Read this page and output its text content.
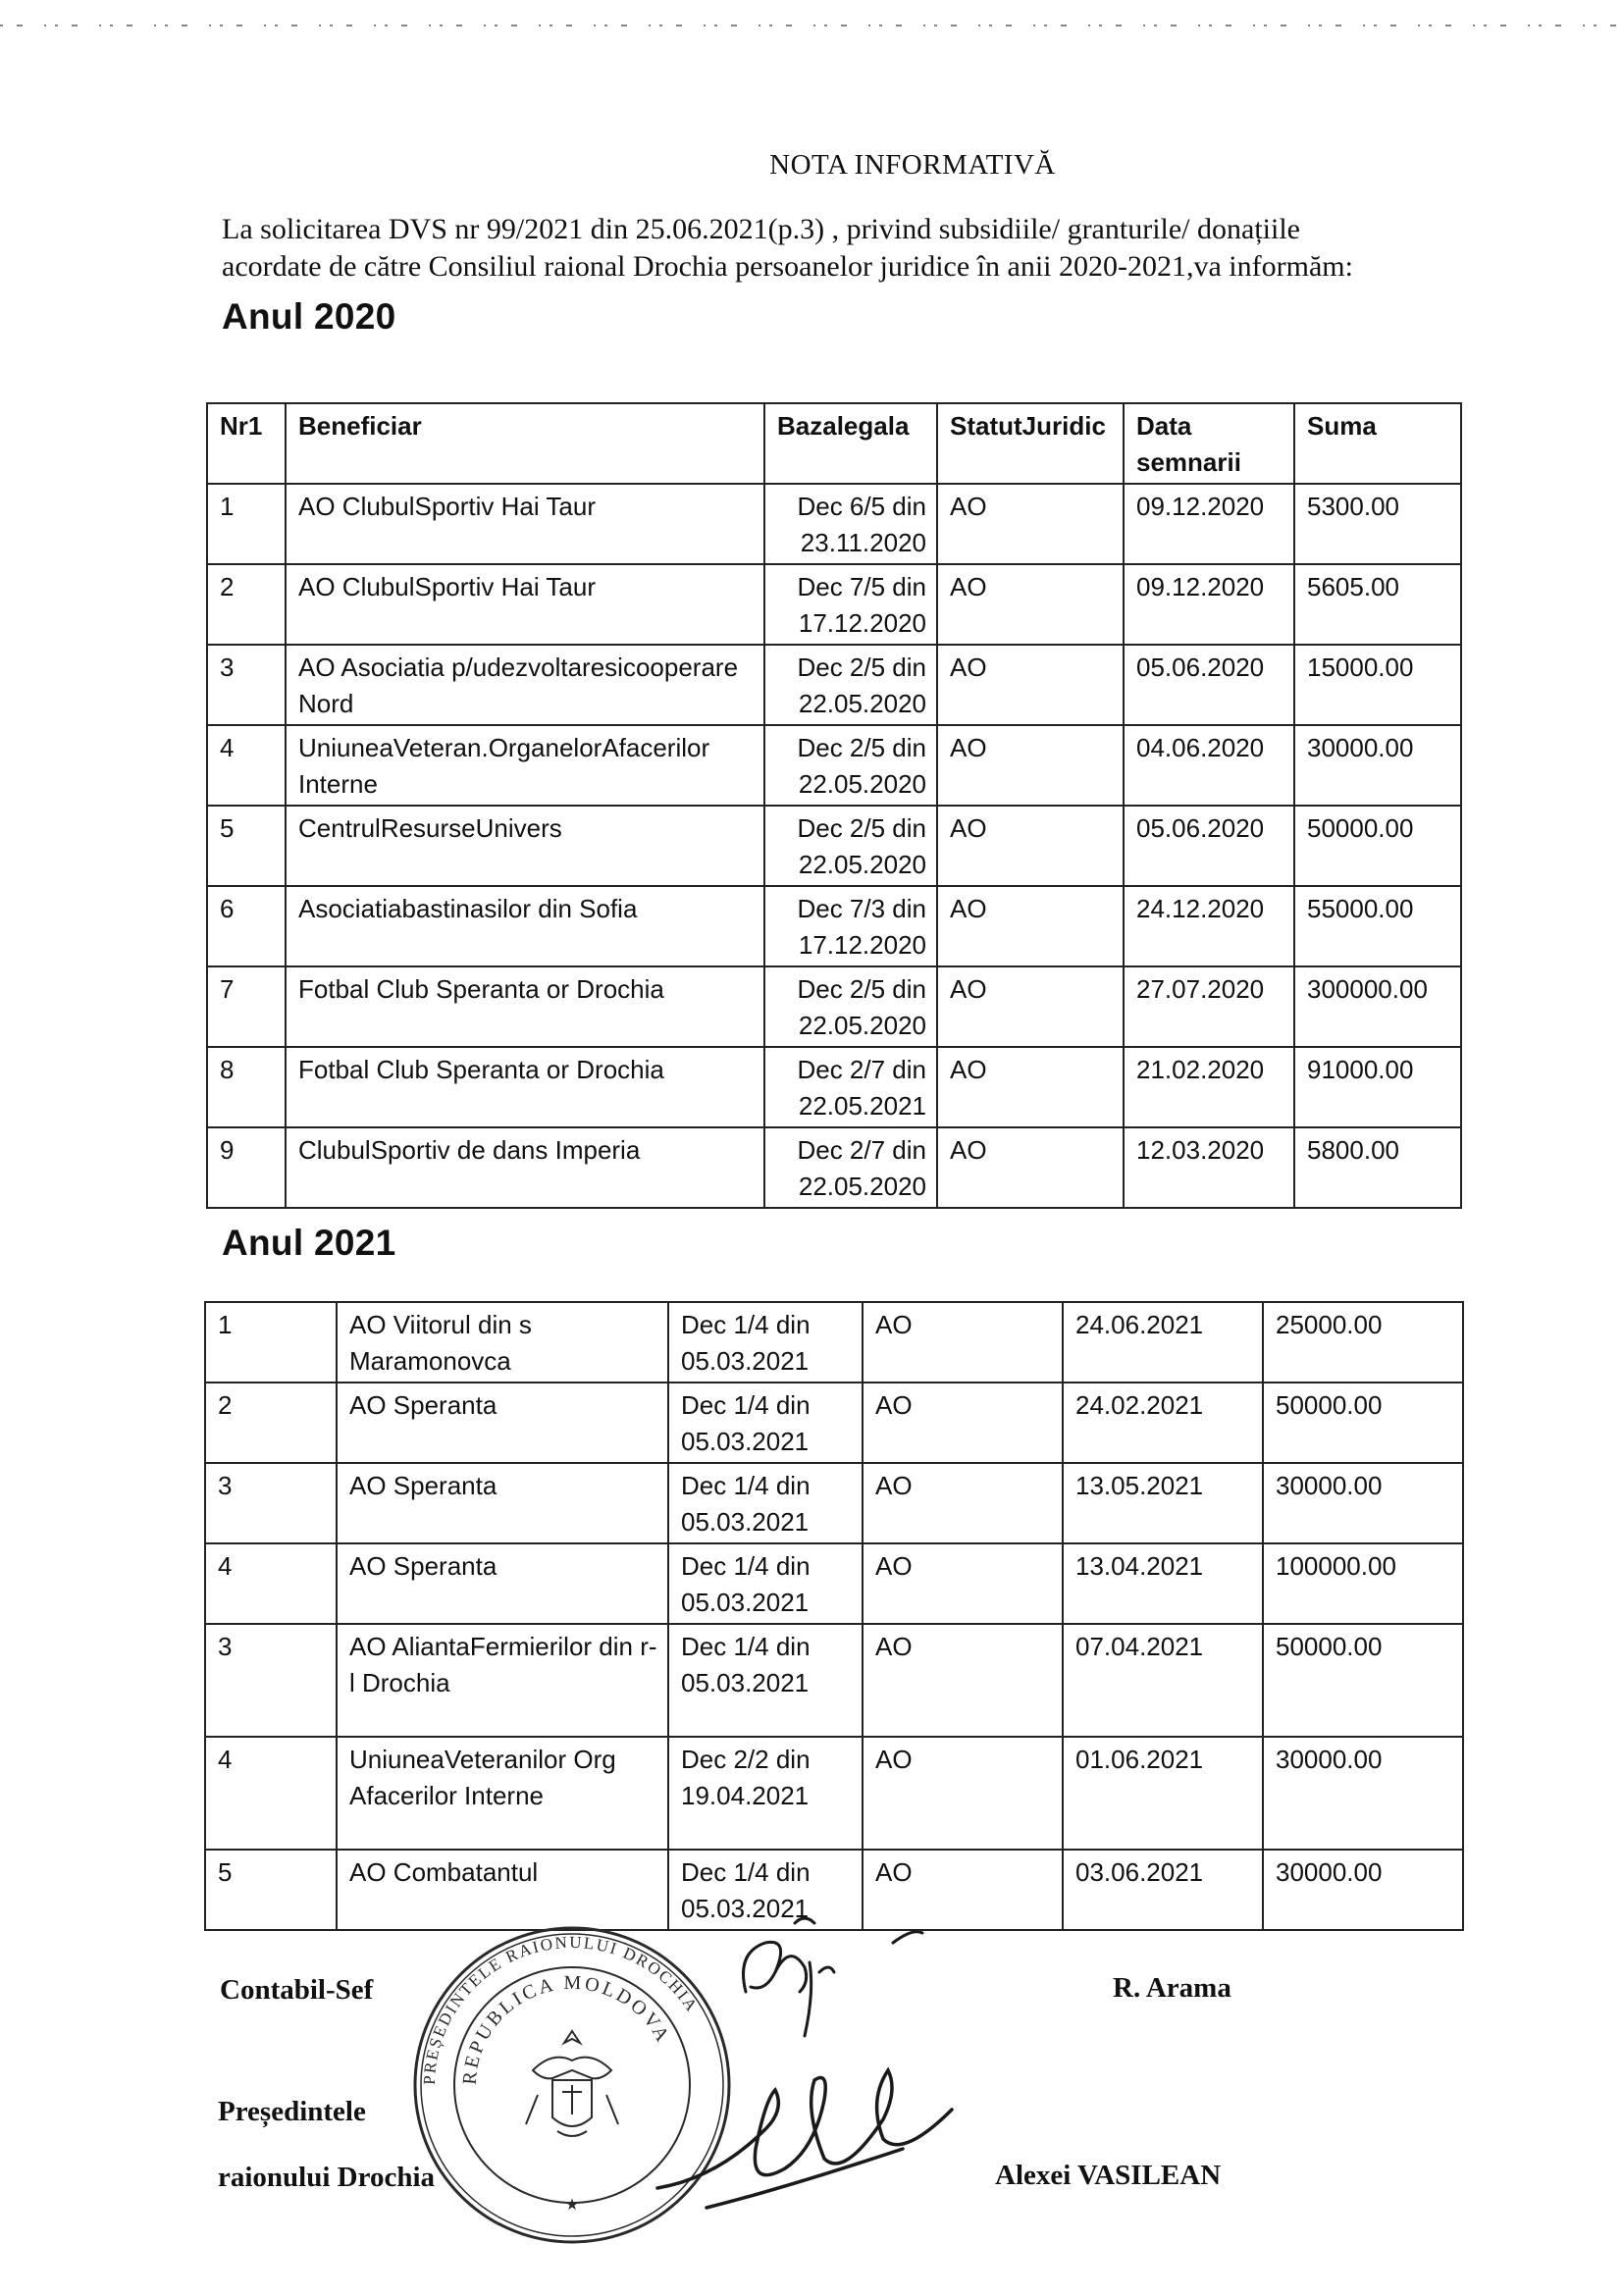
NOTA INFORMATIVĂ
La solicitarea DVS nr 99/2021 din 25.06.2021(p.3) , privind subsidiile/ granturile/ donațiile
acordate de către Consiliul raional Drochia persoanelor juridice în anii 2020-2021,va informăm:
Anul 2020
Nr1	Beneficiar	Bazalegala	StatutJuridic	Data semnarii	Suma
1	AO ClubulSportiv Hai Taur	Dec 6/5 din 23.11.2020	AO	09.12.2020	5300.00
2	AO ClubulSportiv Hai Taur	Dec 7/5 din 17.12.2020	AO	09.12.2020	5605.00
3	AO Asociatia p/udezvoltaresicooperare Nord	Dec 2/5 din 22.05.2020	AO	05.06.2020	15000.00
4	UniuneaVeteran.OrganelorAfacerilor Interne	Dec 2/5 din 22.05.2020	AO	04.06.2020	30000.00
5	CentrulResurseUnivers	Dec 2/5 din 22.05.2020	AO	05.06.2020	50000.00
6	Asociatiabastinasilor din Sofia	Dec 7/3 din 17.12.2020	AO	24.12.2020	55000.00
7	Fotbal Club Speranta or Drochia	Dec 2/5 din 22.05.2020	AO	27.07.2020	300000.00
8	Fotbal Club Speranta or Drochia	Dec 2/7 din 22.05.2021	AO	21.02.2020	91000.00
9	ClubulSportiv de dans Imperia	Dec 2/7 din 22.05.2020	AO	12.03.2020	5800.00
Anul 2021
1	AO Viitorul din s Maramonovca	Dec 1/4 din 05.03.2021	AO	24.06.2021	25000.00
2	AO Speranta	Dec 1/4 din 05.03.2021	AO	24.02.2021	50000.00
3	AO Speranta	Dec 1/4 din 05.03.2021	AO	13.05.2021	30000.00
4	AO Speranta	Dec 1/4 din 05.03.2021	AO	13.04.2021	100000.00
3	AO AliantaFermierilor din r-l Drochia	Dec 1/4 din 05.03.2021	AO	07.04.2021	50000.00
4	UniuneaVeteranilor Org Afacerilor Interne	Dec 2/2 din 19.04.2021	AO	01.06.2021	30000.00
5	AO Combatantul	Dec 1/4 din 05.03.2021	AO	03.06.2021	30000.00
PREȘEDINTELE RAIONULUI DROCHIA
REPUBLICA MOLDOVA
★
Contabil-Sef	R. Arama
Președintele
raionului Drochia	Alexei VASILEAN
